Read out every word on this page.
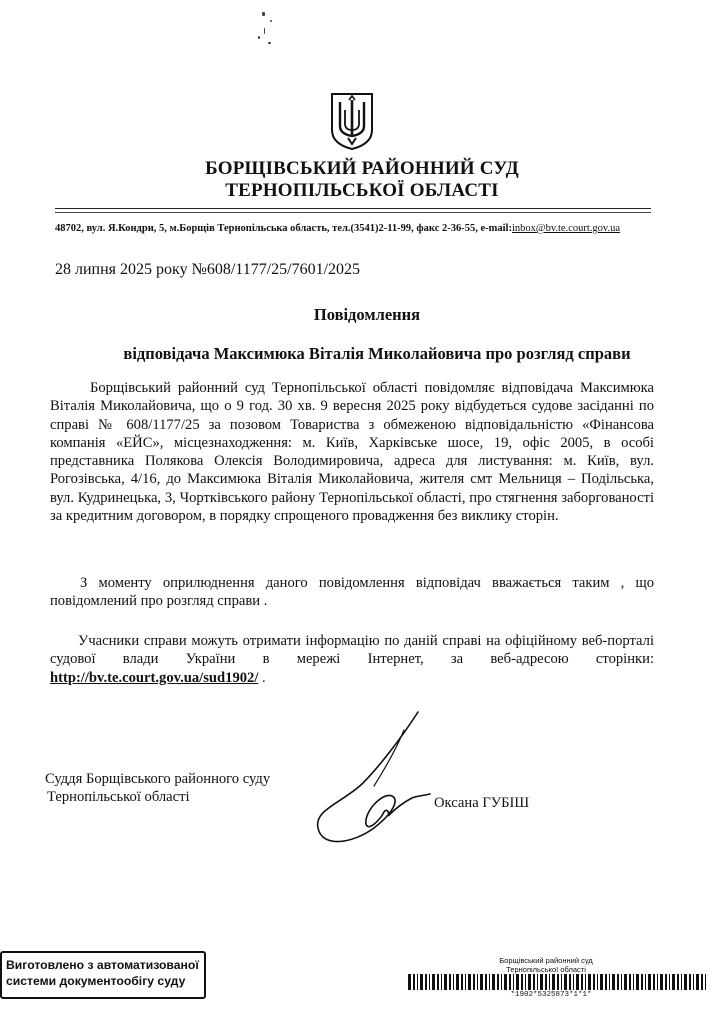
БОРЩІВСЬКИЙ РАЙОННИЙ СУД
ТЕРНОПІЛЬСЬКОЇ ОБЛАСТІ
48702, вул. Я.Кондри, 5, м.Борщів Тернопільська область, тел.(3541)2-11-99, факс 2-36-55, e-mail:inbox@bv.te.court.gov.ua
28 липня 2025 року №608/1177/25/7601/2025
Повідомлення
відповідача Максимюка Віталія Миколайовича про розгляд справи
Борщівський районний суд Тернопільської області повідомляє відповідача Максимюка Віталія Миколайовича, що о 9 год. 30 хв. 9 вересня 2025 року відбудеться судове засіданні по справі № 608/1177/25 за позовом Товариства з обмеженою відповідальністю «Фінансова компанія «ЕЙС», місцезнаходження: м. Київ, Харківське шосе, 19, офіс 2005, в особі представника Полякова Олексія Володимировича, адреса для листування: м. Київ, вул. Рогозівська, 4/16, до Максимюка Віталія Миколайовича, жителя смт Мельниця – Подільська, вул. Кудринецька, 3, Чортківського району Тернопільської області, про стягнення заборгованості за кредитним договором, в порядку спрощеного провадження без виклику сторін.
З моменту оприлюднення даного повідомлення відповідач вважається таким , що повідомлений про розгляд справи .
Учасники справи можуть отримати інформацію по даній справі на офіційному веб-порталі судової влади України в мережі Інтернет, за веб-адресою сторінки: http://bv.te.court.gov.ua/sud1902/ .
Суддя Борщівського районного суду
Тернопільської області	Оксана ГУБІШ
Виготовлено з автоматизованої
системи документообігу суду
Борщівський районний суд
Тернопільської області
*1902*5325873*1*1*
